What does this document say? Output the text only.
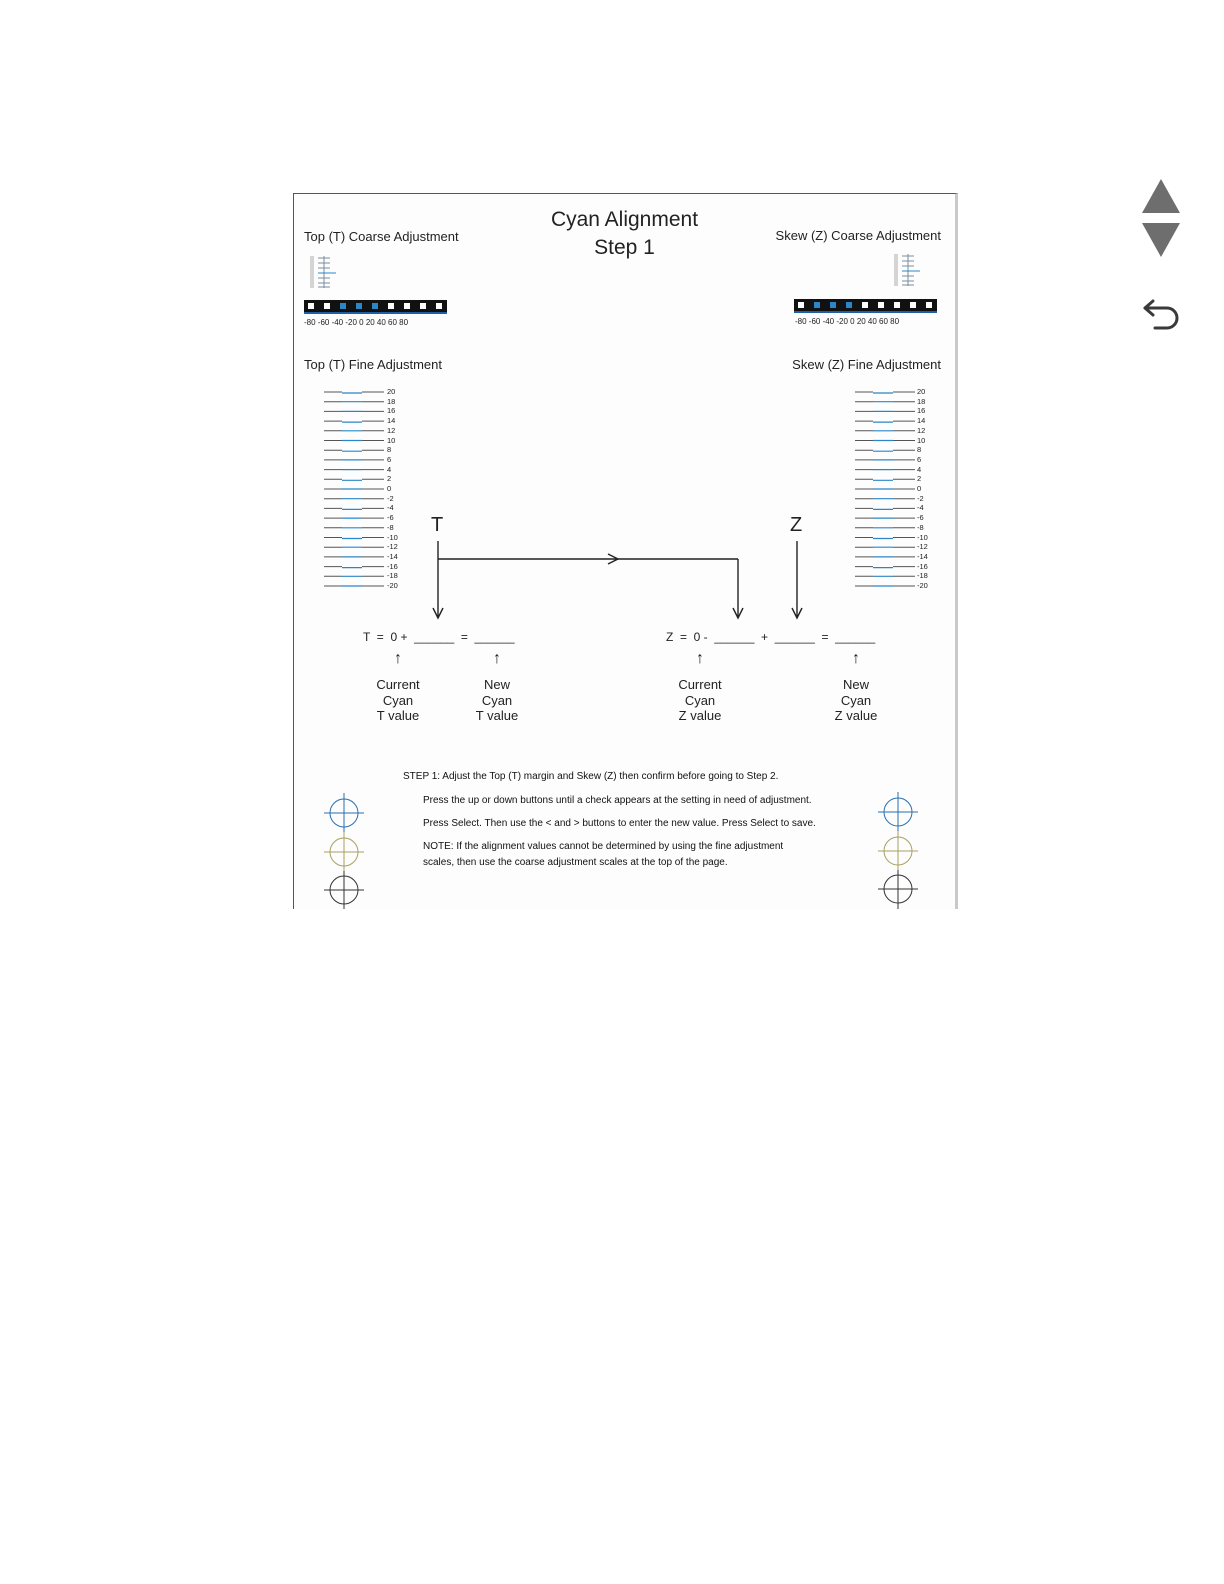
Cyan Alignment
Step 1
Top (T) Coarse Adjustment	Skew (Z) Coarse Adjustment
-80 -60 -40 -20 0 20 40 60 80	-80 -60 -40 -20 0 20 40 60 80
Top (T) Fine Adjustment	Skew (Z) Fine Adjustment
20
18
16
14
12
10
8
6
4
2
0
-2
-4
-6
-8
-10
-12
-14
-16
-18
-20
20
18
16
14
12
10
8
6
4
2
0
-2
-4
-6
-8
-10
-12
-14
-16
-18
-20
T	Z
T  =  0 +  ______  =  ______	Z  =  0 -  ______  +  ______  =  ______
↑	↑	↑	↑
Current
Cyan
T value
New
Cyan
T value
Current
Cyan
Z value
New
Cyan
Z value
STEP 1: Adjust the Top (T) margin and Skew (Z) then confirm before going to Step 2.
Press the up or down buttons until a check appears at the setting in need of adjustment.
Press Select. Then use the < and > buttons to enter the new value. Press Select to save.
NOTE: If the alignment values cannot be determined by using the fine adjustment
scales, then use the coarse adjustment scales at the top of the page.
